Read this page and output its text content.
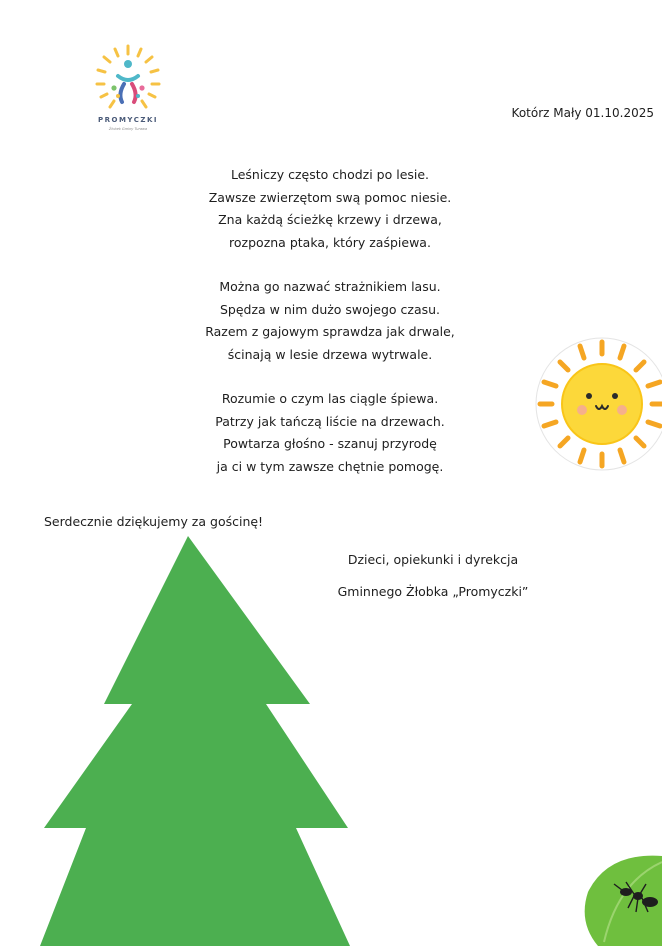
PROMYCZKI
Żłobek Gminy Turawa
Kotórz Mały 01.10.2025
Leśniczy często chodzi po lesie.
Zawsze zwierzętom swą pomoc niesie.
Zna każdą ścieżkę krzewy i drzewa,
rozpozna ptaka, który zaśpiewa.
Można go nazwać strażnikiem lasu.
Spędza w nim dużo swojego czasu.
Razem z gajowym sprawdza jak drwale,
ścinają w lesie drzewa wytrwale.
Rozumie o czym las ciągle śpiewa.
Patrzy jak tańczą liście na drzewach.
Powtarza głośno - szanuj przyrodę
ja ci w tym zawsze chętnie pomogę.
Serdecznie dziękujemy za gościnę!
Dzieci, opiekunki i dyrekcja
Gminnego Żłobka „Promyczki”
